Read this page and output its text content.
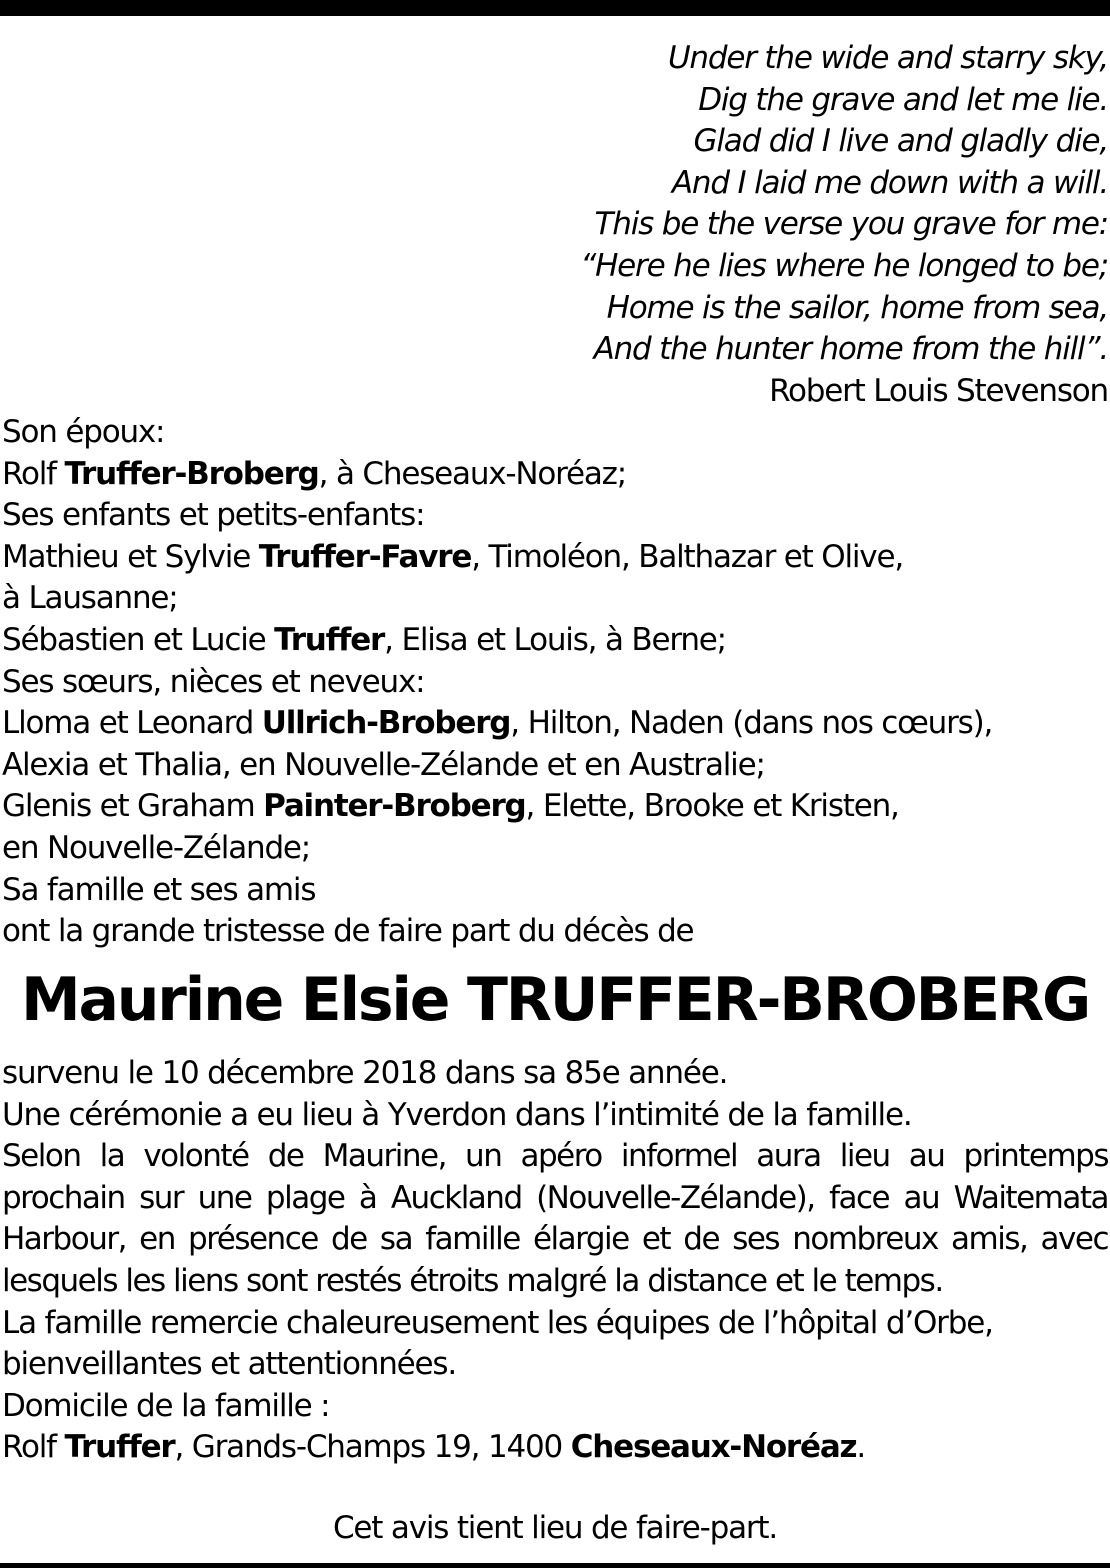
Under the wide and starry sky,
Dig the grave and let me lie.
Glad did I live and gladly die,
And I laid me down with a will.
This be the verse you grave for me:
“Here he lies where he longed to be;
Home is the sailor, home from sea,
And the hunter home from the hill”.
Robert Louis Stevenson
Son époux:
Rolf Truffer-Broberg, à Cheseaux-Noréaz;
Ses enfants et petits-enfants:
Mathieu et Sylvie Truffer-Favre, Timoléon, Balthazar et Olive,
à Lausanne;
Sébastien et Lucie Truffer, Elisa et Louis, à Berne;
Ses sœurs, nièces et neveux:
Lloma et Leonard Ullrich-Broberg, Hilton, Naden (dans nos cœurs),
Alexia et Thalia, en Nouvelle-Zélande et en Australie;
Glenis et Graham Painter-Broberg, Elette, Brooke et Kristen,
en Nouvelle-Zélande;
Sa famille et ses amis
ont la grande tristesse de faire part du décès de
Maurine Elsie TRUFFER-BROBERG
survenu le 10 décembre 2018 dans sa 85e année.
Une cérémonie a eu lieu à Yverdon dans l’intimité de la famille.
Selon la volonté de Maurine, un apéro informel aura lieu au printemps prochain sur une plage à Auckland (Nouvelle-Zélande), face au Waitemata Harbour, en présence de sa famille élargie et de ses nombreux amis, avec lesquels les liens sont restés étroits malgré la distance et le temps.
La famille remercie chaleureusement les équipes de l’hôpital d’Orbe, bienveillantes et attentionnées.
Domicile de la famille :
Rolf Truffer, Grands-Champs 19, 1400 Cheseaux-Noréaz.
Cet avis tient lieu de faire-part.
